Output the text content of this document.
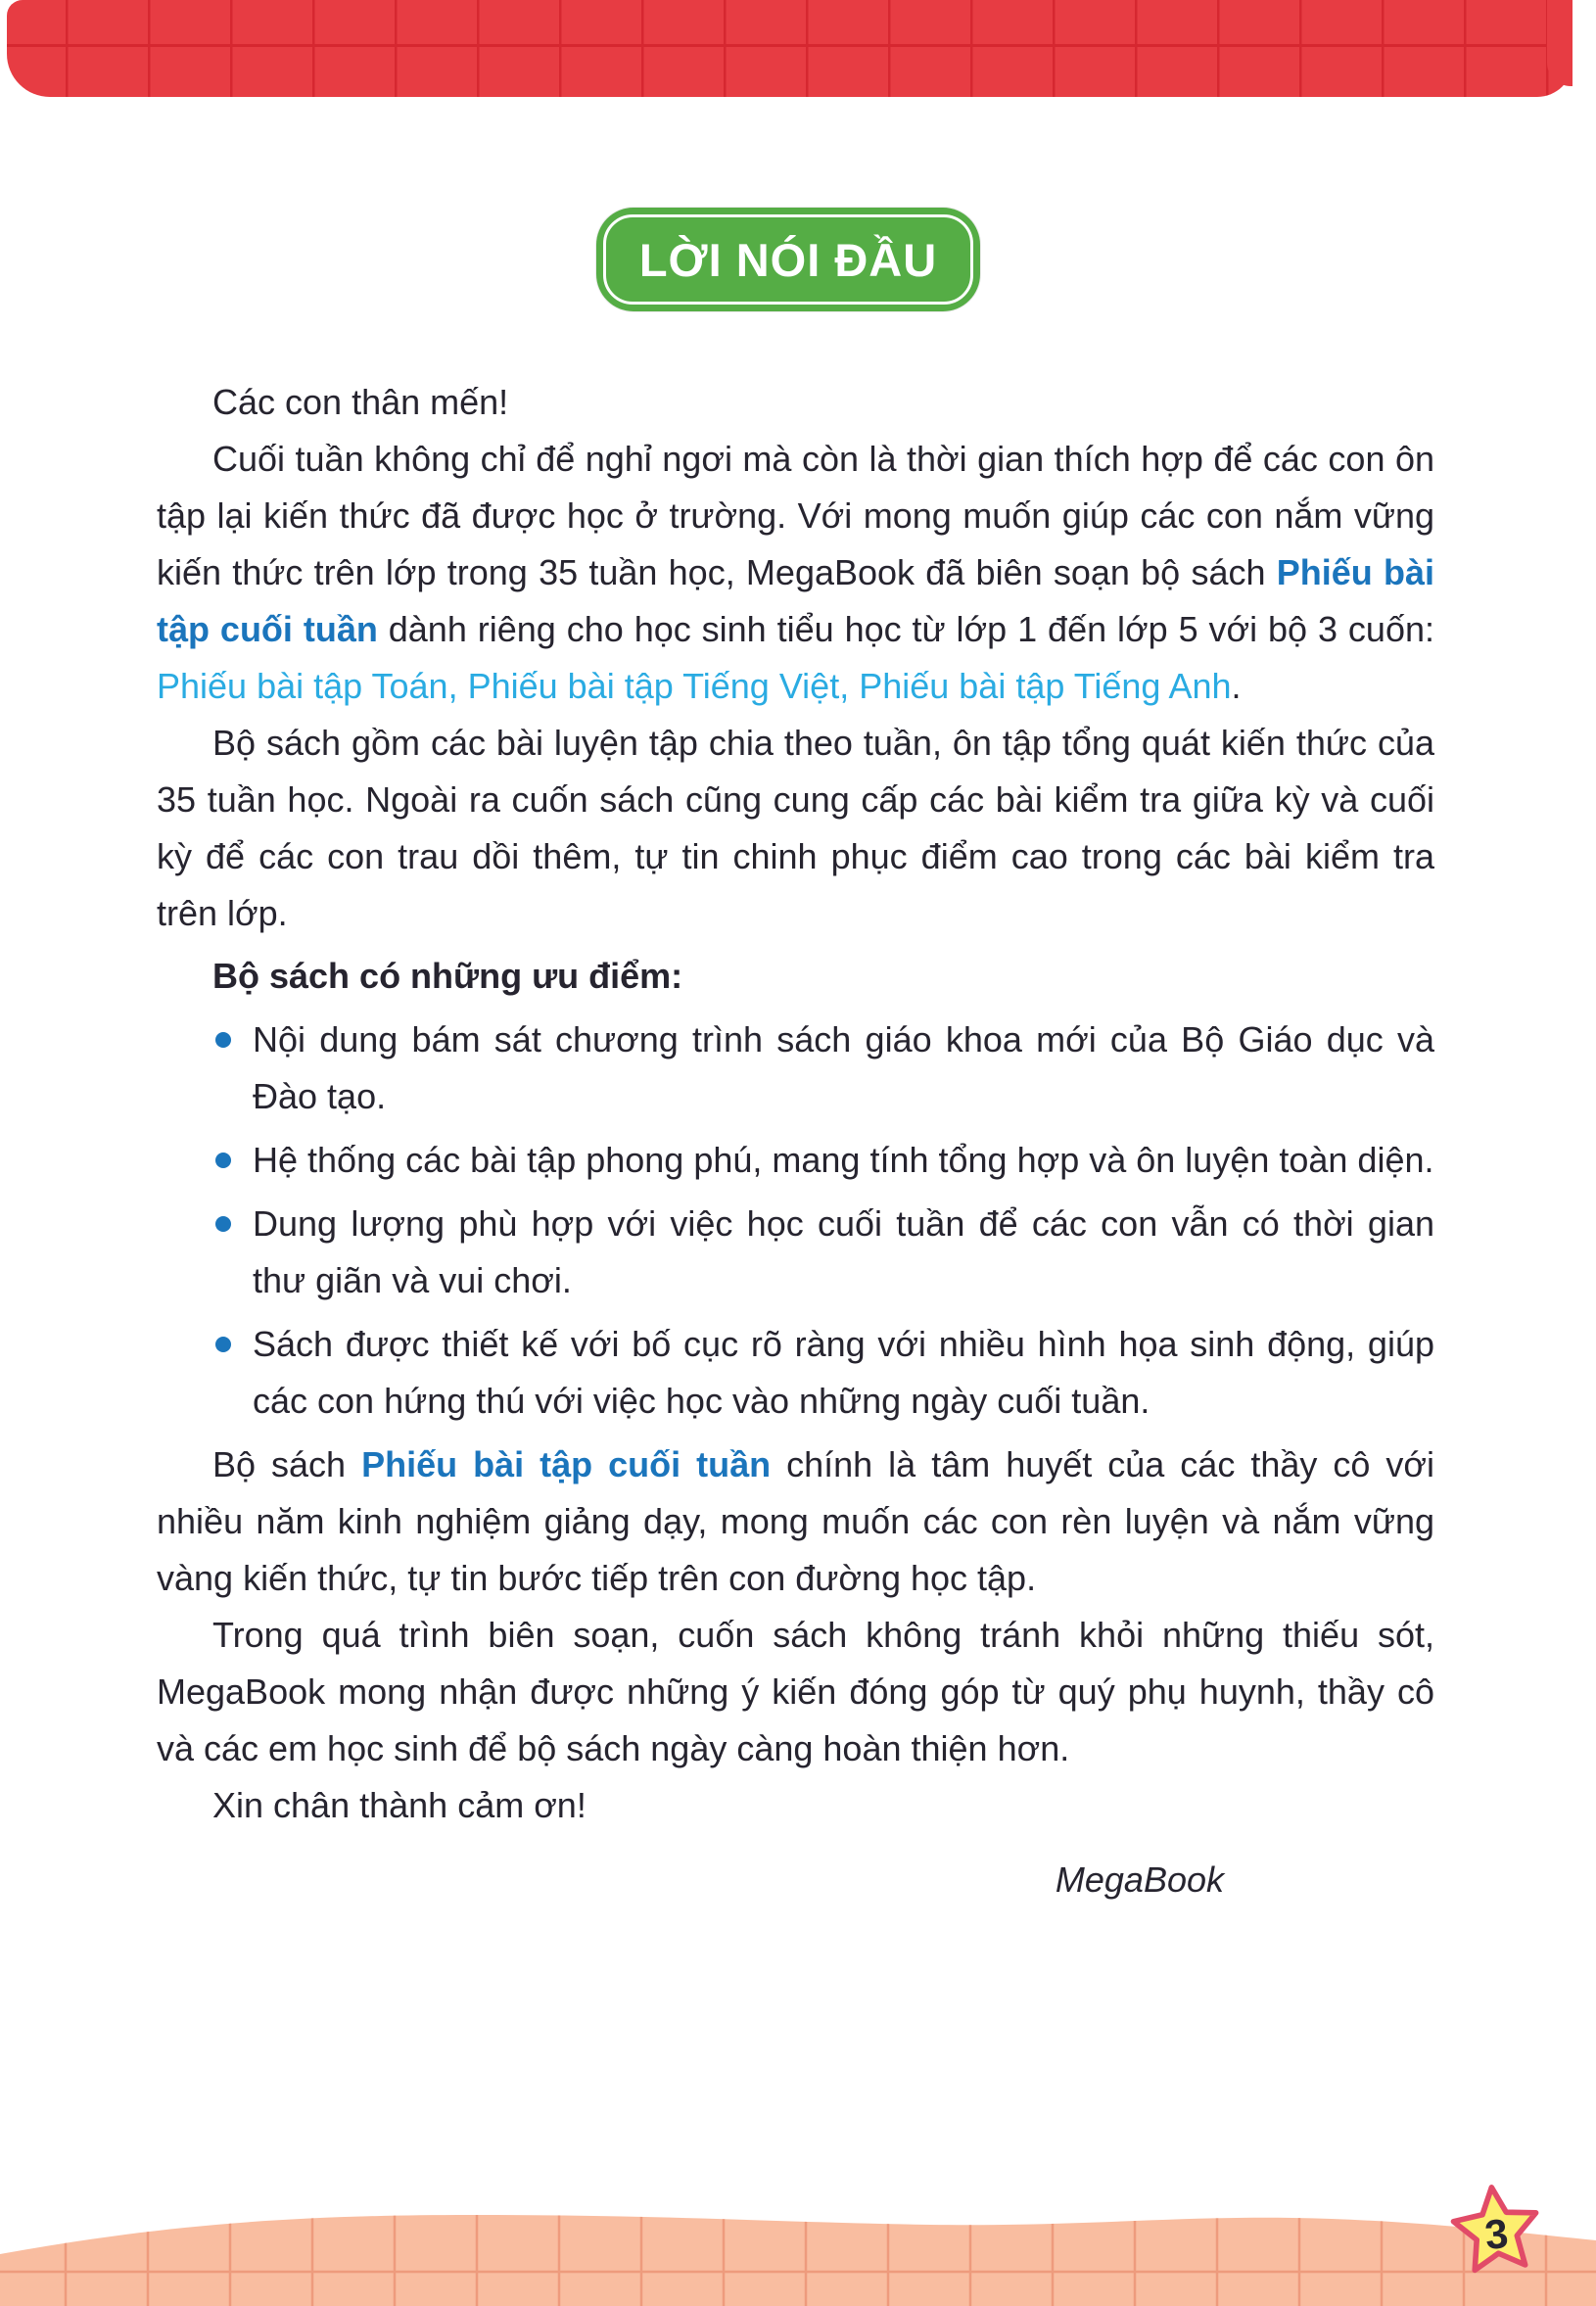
LỜI NÓI ĐẦU

Các con thân mến!

Cuối tuần không chỉ để nghỉ ngơi mà còn là thời gian thích hợp để các con ôn tập lại kiến thức đã được học ở trường. Với mong muốn giúp các con nắm vững kiến thức trên lớp trong 35 tuần học, MegaBook đã biên soạn bộ sách Phiếu bài tập cuối tuần dành riêng cho học sinh tiểu học từ lớp 1 đến lớp 5 với bộ 3 cuốn: Phiếu bài tập Toán, Phiếu bài tập Tiếng Việt, Phiếu bài tập Tiếng Anh.

Bộ sách gồm các bài luyện tập chia theo tuần, ôn tập tổng quát kiến thức của 35 tuần học. Ngoài ra cuốn sách cũng cung cấp các bài kiểm tra giữa kỳ và cuối kỳ để các con trau dồi thêm, tự tin chinh phục điểm cao trong các bài kiểm tra trên lớp.

Bộ sách có những ưu điểm:

Nội dung bám sát chương trình sách giáo khoa mới của Bộ Giáo dục và Đào tạo.
Hệ thống các bài tập phong phú, mang tính tổng hợp và ôn luyện toàn diện.
Dung lượng phù hợp với việc học cuối tuần để các con vẫn có thời gian thư giãn và vui chơi.
Sách được thiết kế với bố cục rõ ràng với nhiều hình họa sinh động, giúp các con hứng thú với việc học vào những ngày cuối tuần.

Bộ sách Phiếu bài tập cuối tuần chính là tâm huyết của các thầy cô với nhiều năm kinh nghiệm giảng dạy, mong muốn các con rèn luyện và nắm vững vàng kiến thức, tự tin bước tiếp trên con đường học tập.

Trong quá trình biên soạn, cuốn sách không tránh khỏi những thiếu sót, MegaBook mong nhận được những ý kiến đóng góp từ quý phụ huynh, thầy cô và các em học sinh để bộ sách ngày càng hoàn thiện hơn.

Xin chân thành cảm ơn!

MegaBook

3
